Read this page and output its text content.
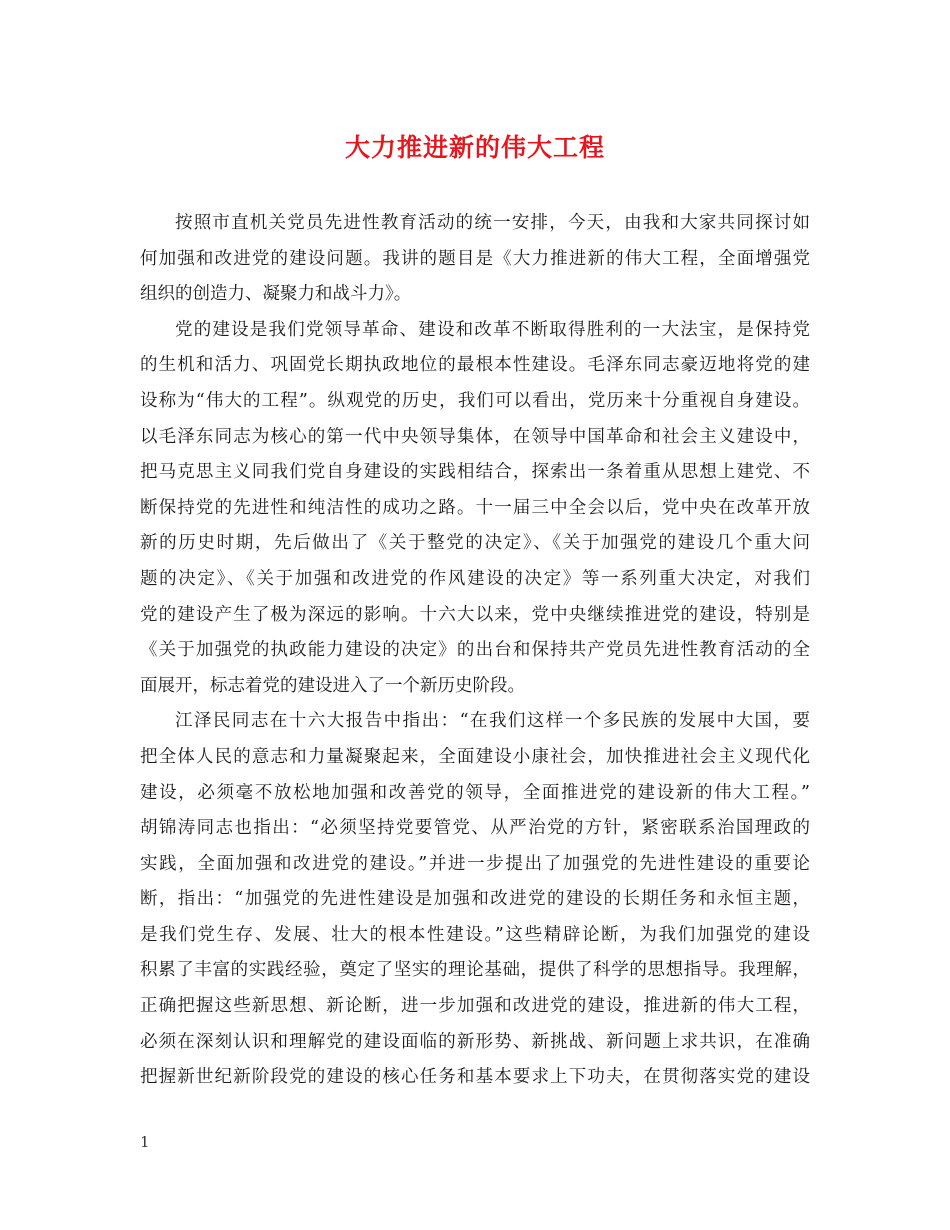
大力推进新的伟大工程
按照市直机关党员先进性教育活动的统一安排，今天，由我和大家共同探讨如
何加强和改进党的建设问题。我讲的题目是《大力推进新的伟大工程，全面增强党
组织的创造力、凝聚力和战斗力》。
党的建设是我们党领导革命、建设和改革不断取得胜利的一大法宝，是保持党
的生机和活力、巩固党长期执政地位的最根本性建设。毛泽东同志豪迈地将党的建
设称为“伟大的工程”。纵观党的历史，我们可以看出，党历来十分重视自身建设。
以毛泽东同志为核心的第一代中央领导集体，在领导中国革命和社会主义建设中，
把马克思主义同我们党自身建设的实践相结合，探索出一条着重从思想上建党、不
断保持党的先进性和纯洁性的成功之路。十一届三中全会以后，党中央在改革开放
新的历史时期，先后做出了《关于整党的决定》、《关于加强党的建设几个重大问
题的决定》、《关于加强和改进党的作风建设的决定》等一系列重大决定，对我们
党的建设产生了极为深远的影响。十六大以来，党中央继续推进党的建设，特别是
《关于加强党的执政能力建设的决定》的出台和保持共产党员先进性教育活动的全
面展开，标志着党的建设进入了一个新历史阶段。
江泽民同志在十六大报告中指出：“在我们这样一个多民族的发展中大国，要
把全体人民的意志和力量凝聚起来，全面建设小康社会，加快推进社会主义现代化
建设，必须毫不放松地加强和改善党的领导，全面推进党的建设新的伟大工程。”
胡锦涛同志也指出：“必须坚持党要管党、从严治党的方针，紧密联系治国理政的
实践，全面加强和改进党的建设。”并进一步提出了加强党的先进性建设的重要论
断，指出：“加强党的先进性建设是加强和改进党的建设的长期任务和永恒主题，
是我们党生存、发展、壮大的根本性建设。”这些精辟论断，为我们加强党的建设
积累了丰富的实践经验，奠定了坚实的理论基础，提供了科学的思想指导。我理解，
正确把握这些新思想、新论断，进一步加强和改进党的建设，推进新的伟大工程，
必须在深刻认识和理解党的建设面临的新形势、新挑战、新问题上求共识，在准确
把握新世纪新阶段党的建设的核心任务和基本要求上下功夫，在贯彻落实党的建设
1
